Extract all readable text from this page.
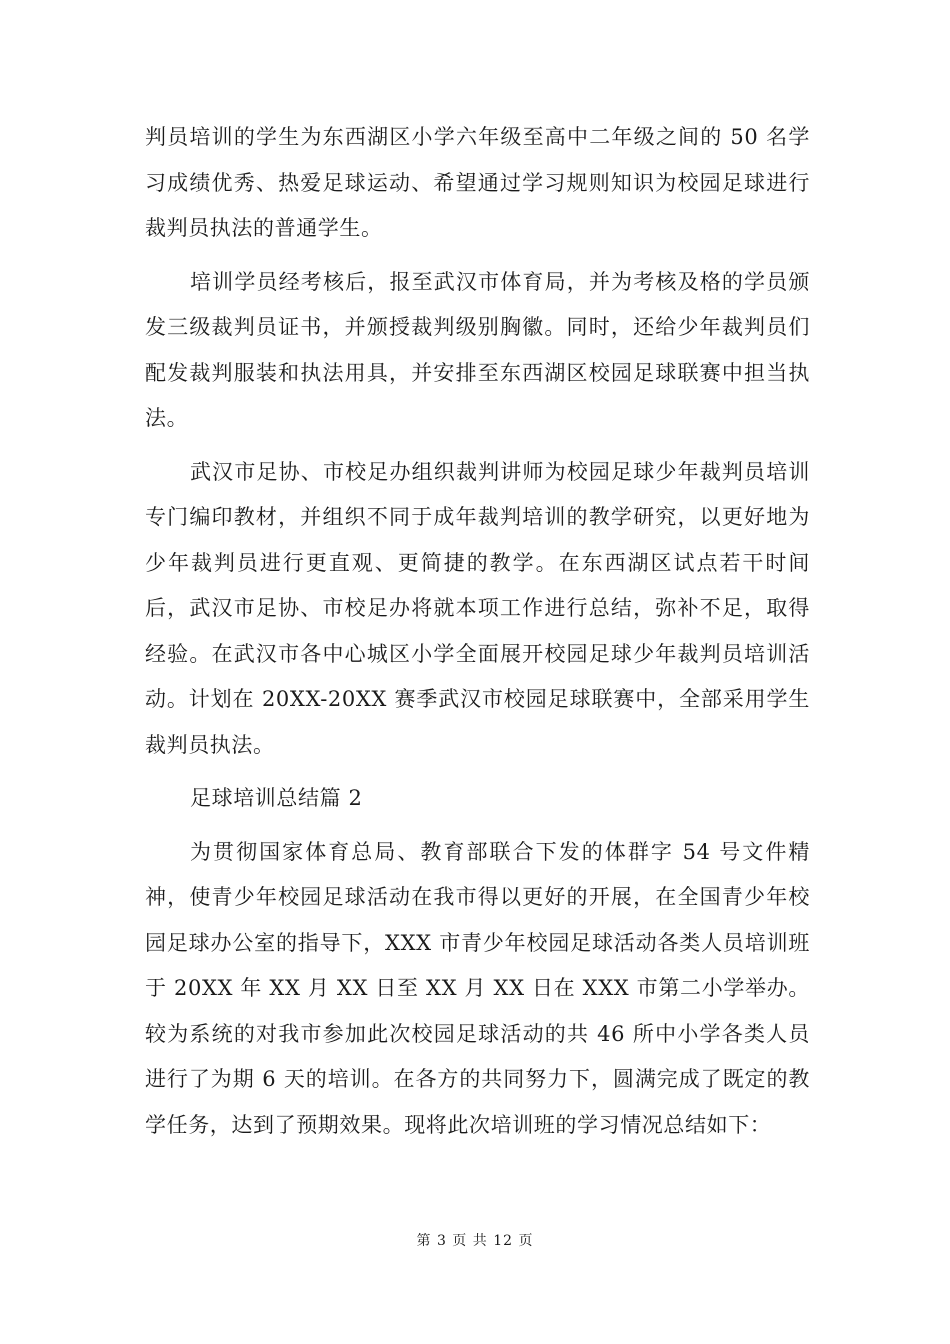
判员培训的学生为东西湖区小学六年级至高中二年级之间的 50 名学习成绩优秀、热爱足球运动、希望通过学习规则知识为校园足球进行裁判员执法的普通学生。

培训学员经考核后，报至武汉市体育局，并为考核及格的学员颁发三级裁判员证书，并颁授裁判级别胸徽。同时，还给少年裁判员们配发裁判服装和执法用具，并安排至东西湖区校园足球联赛中担当执法。

武汉市足协、市校足办组织裁判讲师为校园足球少年裁判员培训专门编印教材，并组织不同于成年裁判培训的教学研究，以更好地为少年裁判员进行更直观、更简捷的教学。在东西湖区试点若干时间后，武汉市足协、市校足办将就本项工作进行总结，弥补不足，取得经验。在武汉市各中心城区小学全面展开校园足球少年裁判员培训活动。计划在 20XX-20XX 赛季武汉市校园足球联赛中，全部采用学生裁判员执法。

足球培训总结篇 2

为贯彻国家体育总局、教育部联合下发的体群字 54 号文件精神，使青少年校园足球活动在我市得以更好的开展，在全国青少年校园足球办公室的指导下，XXX 市青少年校园足球活动各类人员培训班于 20XX 年 XX 月 XX 日至 XX 月 XX 日在 XXX 市第二小学举办。较为系统的对我市参加此次校园足球活动的共 46 所中小学各类人员进行了为期 6 天的培训。在各方的共同努力下，圆满完成了既定的教学任务，达到了预期效果。现将此次培训班的学习情况总结如下：

第 3 页 共 12 页
